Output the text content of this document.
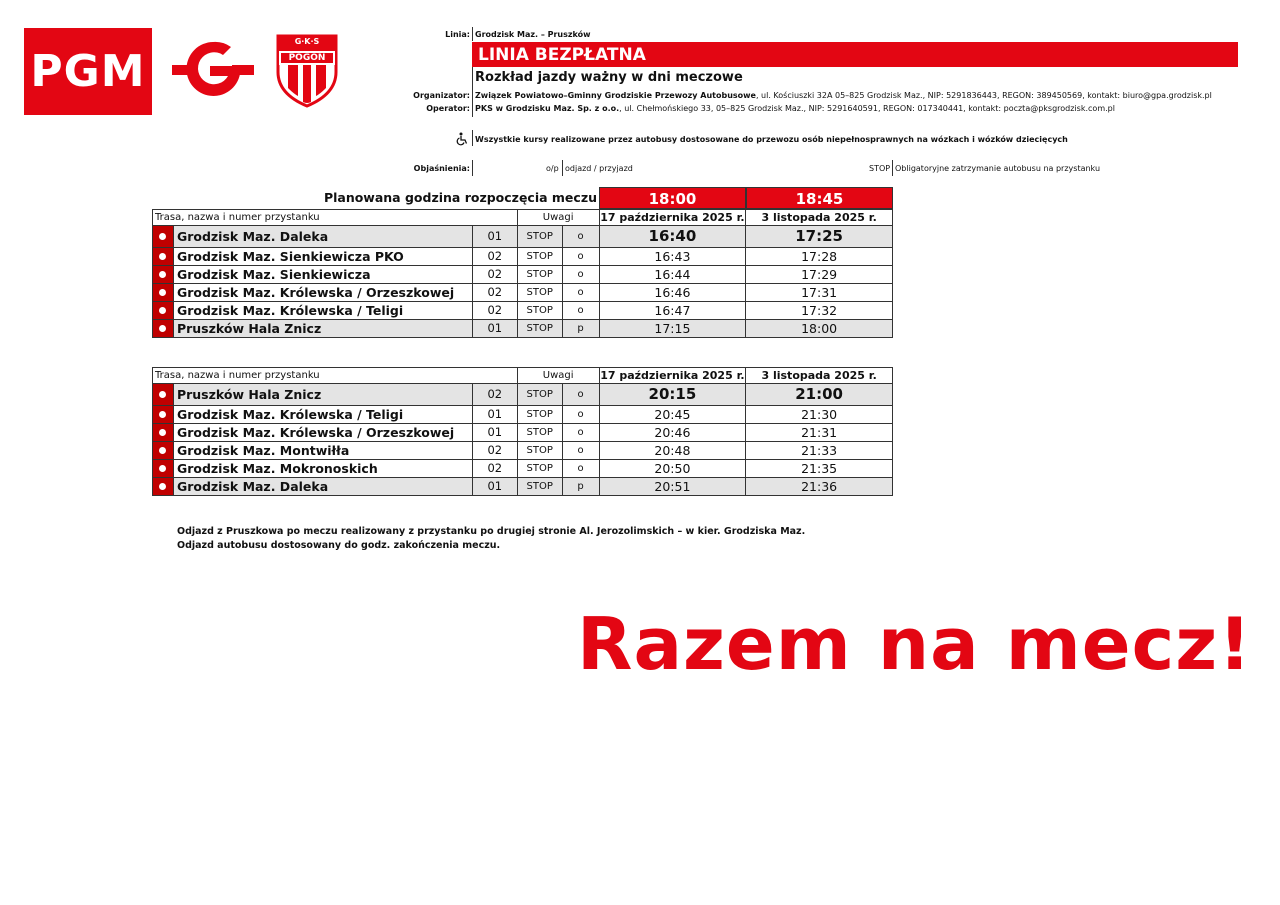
PGM
G·K·S
POGOŃ
Linia: Grodzisk Maz. – Pruszków
LINIA BEZPŁATNA
Rozkład jazdy ważny w dni meczowe
Organizator: Związek Powiatowo–Gminny Grodziskie Przewozy Autobusowe, ul. Kościuszki 32A 05–825 Grodzisk Maz., NIP: 5291836443, REGON: 389450569, kontakt: biuro@gpa.grodzisk.pl
Operator: PKS w Grodzisku Maz. Sp. z o.o., ul. Chełmońskiego 33, 05–825 Grodzisk Maz., NIP: 5291640591, REGON: 017340441, kontakt: poczta@pksgrodzisk.com.pl
Wszystkie kursy realizowane przez autobusy dostosowane do przewozu osób niepełnosprawnych na wózkach i wózków dziecięcych
Objaśnienia:	o/p odjazd / przyjazd	STOP Obligatoryjne zatrzymanie autobusu na przystanku
Planowana godzina rozpoczęcia meczu	18:00	18:45
Trasa, nazwa i numer przystanku			Uwagi		17 października 2025 r.	3 listopada 2025 r.
	Grodzisk Maz. Daleka	01	STOP	o	16:40	17:25
	Grodzisk Maz. Sienkiewicza PKO	02	STOP	o	16:43	17:28
	Grodzisk Maz. Sienkiewicza	02	STOP	o	16:44	17:29
	Grodzisk Maz. Królewska / Orzeszkowej	02	STOP	o	16:46	17:31
	Grodzisk Maz. Królewska / Teligi	02	STOP	o	16:47	17:32
	Pruszków Hala Znicz	01	STOP	p	17:15	18:00
Trasa, nazwa i numer przystanku			Uwagi		17 października 2025 r.	3 listopada 2025 r.
	Pruszków Hala Znicz	02	STOP	o	20:15	21:00
	Grodzisk Maz. Królewska / Teligi	01	STOP	o	20:45	21:30
	Grodzisk Maz. Królewska / Orzeszkowej	01	STOP	o	20:46	21:31
	Grodzisk Maz. Montwiłła	02	STOP	o	20:48	21:33
	Grodzisk Maz. Mokronoskich	02	STOP	o	20:50	21:35
	Grodzisk Maz. Daleka	01	STOP	p	20:51	21:36
Odjazd z Pruszkowa po meczu realizowany z przystanku po drugiej stronie Al. Jerozolimskich – w kier. Grodziska Maz.
Odjazd autobusu dostosowany do godz. zakończenia meczu.
Razem na mecz!
